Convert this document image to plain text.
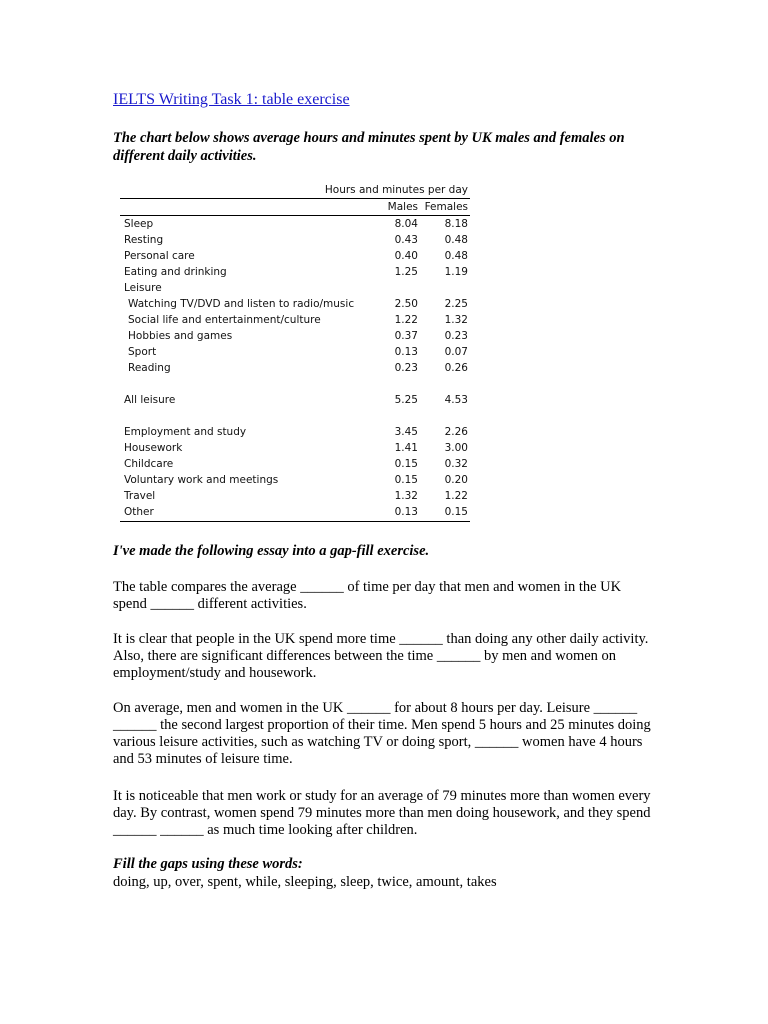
IELTS Writing Task 1: table exercise

The chart below shows average hours and minutes spent by UK males and females on different daily activities.

Hours and minutes per day
Males Females
Sleep	8.04	8.18
Resting	0.43	0.48
Personal care	0.40	0.48
Eating and drinking	1.25	1.19
Leisure
Watching TV/DVD and listen to radio/music	2.50	2.25
Social life and entertainment/culture	1.22	1.32
Hobbies and games	0.37	0.23
Sport	0.13	0.07
Reading	0.23	0.26
All leisure	5.25	4.53
Employment and study	3.45	2.26
Housework	1.41	3.00
Childcare	0.15	0.32
Voluntary work and meetings	0.15	0.20
Travel	1.32	1.22
Other	0.13	0.15

I've made the following essay into a gap-fill exercise.

The table compares the average ______ of time per day that men and women in the UK spend ______ different activities.

It is clear that people in the UK spend more time ______ than doing any other daily activity. Also, there are significant differences between the time ______ by men and women on employment/study and housework.

On average, men and women in the UK ______ for about 8 hours per day. Leisure ______ ______ the second largest proportion of their time. Men spend 5 hours and 25 minutes doing various leisure activities, such as watching TV or doing sport, ______ women have 4 hours and 53 minutes of leisure time.

It is noticeable that men work or study for an average of 79 minutes more than women every day. By contrast, women spend 79 minutes more than men doing housework, and they spend ______ ______ as much time looking after children.

Fill the gaps using these words:

doing, up, over, spent, while, sleeping, sleep, twice, amount, takes
